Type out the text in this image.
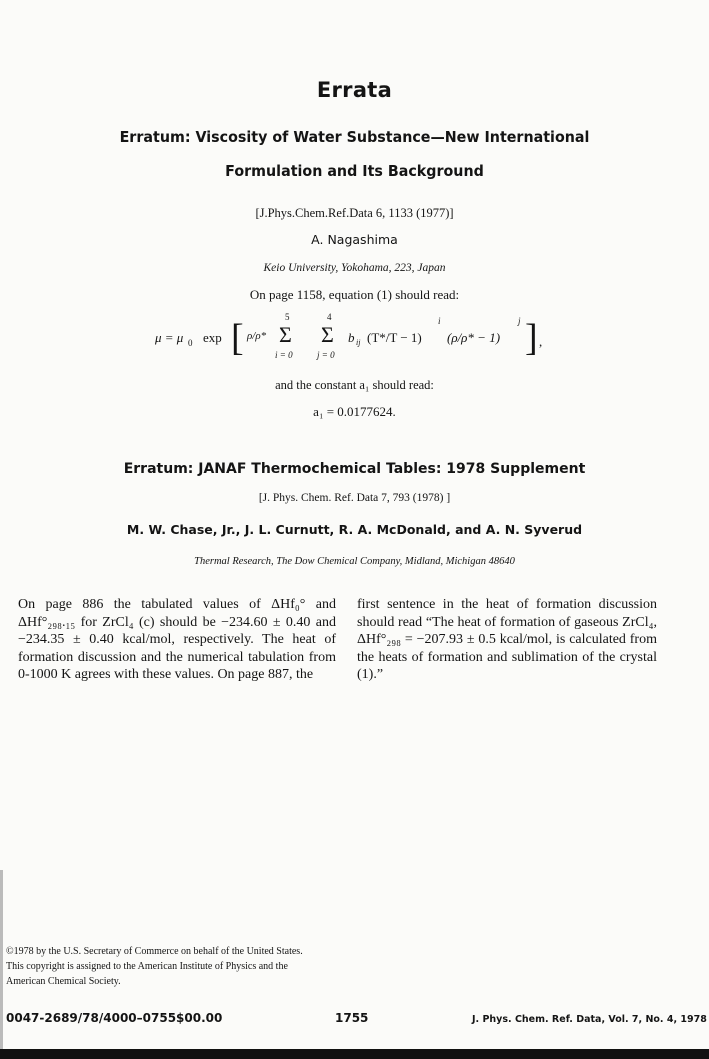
Errata
Erratum: Viscosity of Water Substance—New International
Formulation and Its Background
[J.Phys.Chem.Ref.Data 6, 1133 (1977)]
A. Nagashima
Keio University, Yokohama, 223, Japan
On page 1158, equation (1) should read:
μ = μ 0 exp [ ρ/ρ*
5
Σ
i = 0
4
Σ
j = 0
b ij (T*/T − 1)
i
(ρ/ρ* − 1)
j ] ,
and the constant a₁ should read:
a₁ = 0.0177624.
Erratum: JANAF Thermochemical Tables: 1978 Supplement
[J. Phys. Chem. Ref. Data 7, 793 (1978) ]
M. W. Chase, Jr., J. L. Curnutt, R. A. McDonald, and A. N. Syverud
Thermal Research, The Dow Chemical Company, Midland, Michigan 48640
On page 886 the tabulated values of ΔHf₀° and ΔHf°₂₉₈.₁₅ for ZrCl₄ (c) should be −234.60 ± 0.40 and −234.35 ± 0.40 kcal/mol, respectively. The heat of formation discussion and the numerical tabulation from 0-1000 K agrees with these values. On page 887, the
first sentence in the heat of formation discussion should read “The heat of formation of gaseous ZrCl₄, ΔHf°₂₉₈ = −207.93 ± 0.5 kcal/mol, is calculated from the heats of formation and sublimation of the crystal (1).”
©1978 by the U.S. Secretary of Commerce on behalf of the United States.
This copyright is assigned to the American Institute of Physics and the
American Chemical Society.
0047-2689/78/4000–0755$00.00	1755	J. Phys. Chem. Ref. Data, Vol. 7, No. 4, 1978
